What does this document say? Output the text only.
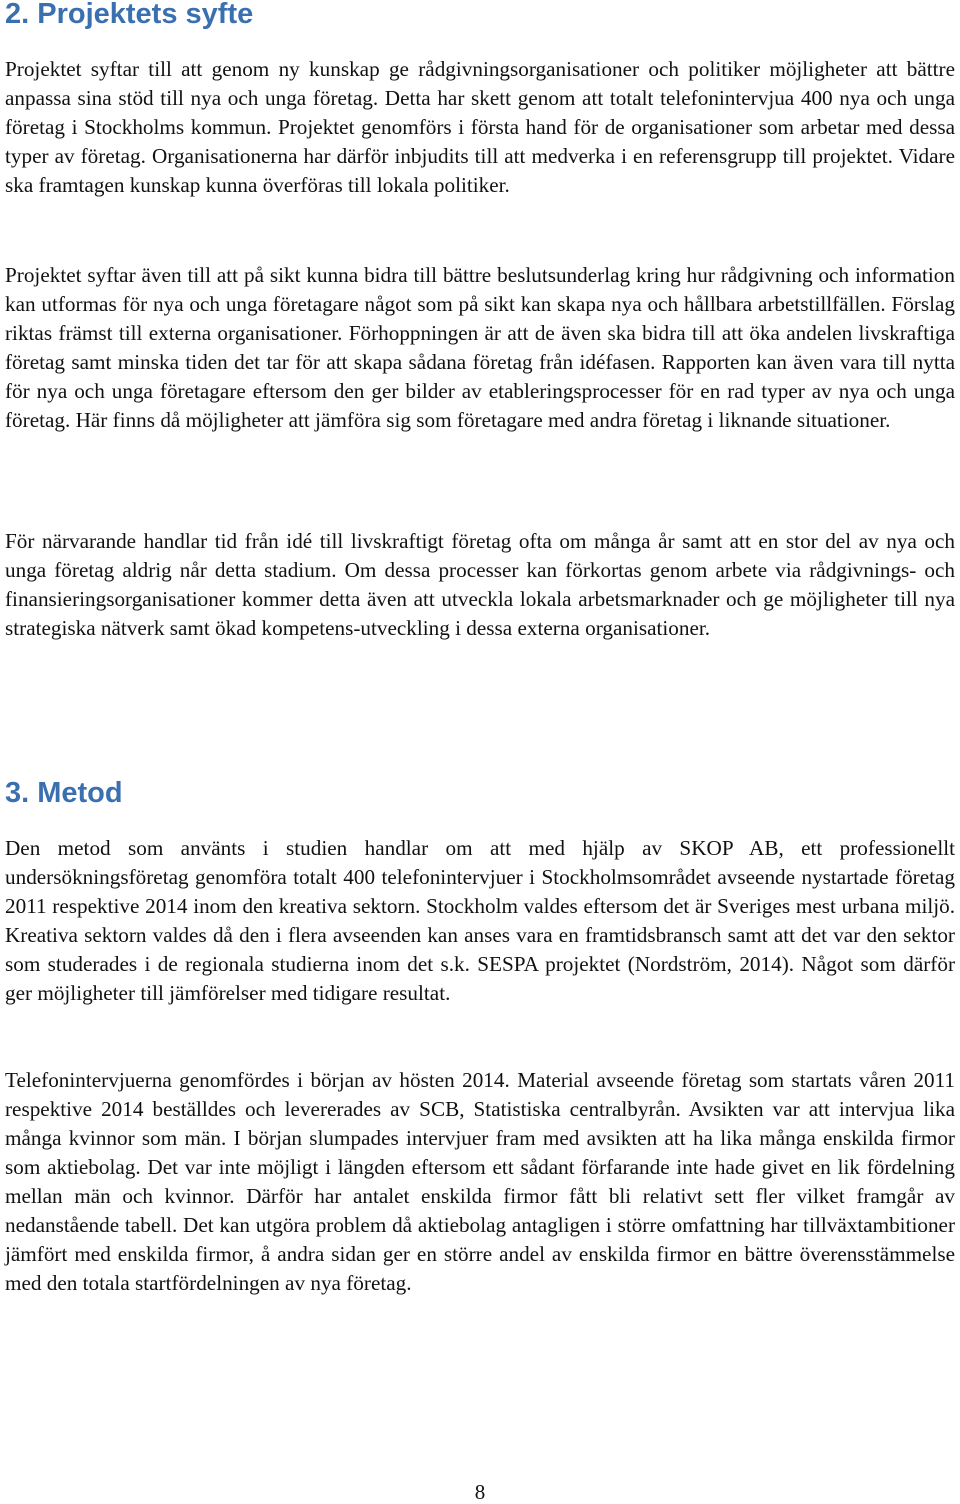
2. Projektets syfte

Projektet syftar till att genom ny kunskap ge rådgivningsorganisationer och politiker möjligheter att bättre anpassa sina stöd till nya och unga företag. Detta har skett genom att totalt telefonintervjua 400 nya och unga företag i Stockholms kommun. Projektet genomförs i första hand för de organisationer som arbetar med dessa typer av företag. Organisationerna har därför inbjudits till att medverka i en referensgrupp till projektet. Vidare ska framtagen kunskap kunna överföras till lokala politiker.

Projektet syftar även till att på sikt kunna bidra till bättre beslutsunderlag kring hur rådgivning och information kan utformas för nya och unga företagare något som på sikt kan skapa nya och hållbara arbetstillfällen. Förslag riktas främst till externa organisationer. Förhoppningen är att de även ska bidra till att öka andelen livskraftiga företag samt minska tiden det tar för att skapa sådana företag från idéfasen. Rapporten kan även vara till nytta för nya och unga företagare eftersom den ger bilder av etableringsprocesser för en rad typer av nya och unga företag. Här finns då möjligheter att jämföra sig som företagare med andra företag i liknande situationer.

För närvarande handlar tid från idé till livskraftigt företag ofta om många år samt att en stor del av nya och unga företag aldrig når detta stadium. Om dessa processer kan förkortas genom arbete via rådgivnings- och finansieringsorganisationer kommer detta även att utveckla lokala arbetsmarknader och ge möjligheter till nya strategiska nätverk samt ökad kompetens-utveckling i dessa externa organisationer.

3. Metod

Den metod som använts i studien handlar om att med hjälp av SKOP AB, ett professionellt undersökningsföretag genomföra totalt 400 telefonintervjuer i Stockholmsområdet avseende nystartade företag 2011 respektive 2014 inom den kreativa sektorn. Stockholm valdes eftersom det är Sveriges mest urbana miljö. Kreativa sektorn valdes då den i flera avseenden kan anses vara en framtidsbransch samt att det var den sektor som studerades i de regionala studierna inom det s.k. SESPA projektet (Nordström, 2014). Något som därför ger möjligheter till jämförelser med tidigare resultat.

Telefonintervjuerna genomfördes i början av hösten 2014. Material avseende företag som startats våren 2011 respektive 2014 beställdes och levererades av SCB, Statistiska centralbyrån. Avsikten var att intervjua lika många kvinnor som män. I början slumpades intervjuer fram med avsikten att ha lika många enskilda firmor som aktiebolag. Det var inte möjligt i längden eftersom ett sådant förfarande inte hade givet en lik fördelning mellan män och kvinnor. Därför har antalet enskilda firmor fått bli relativt sett fler vilket framgår av nedanstående tabell. Det kan utgöra problem då aktiebolag antagligen i större omfattning har tillväxtambitioner jämfört med enskilda firmor, å andra sidan ger en större andel av enskilda firmor en bättre överensstämmelse med den totala startfördelningen av nya företag.

8
